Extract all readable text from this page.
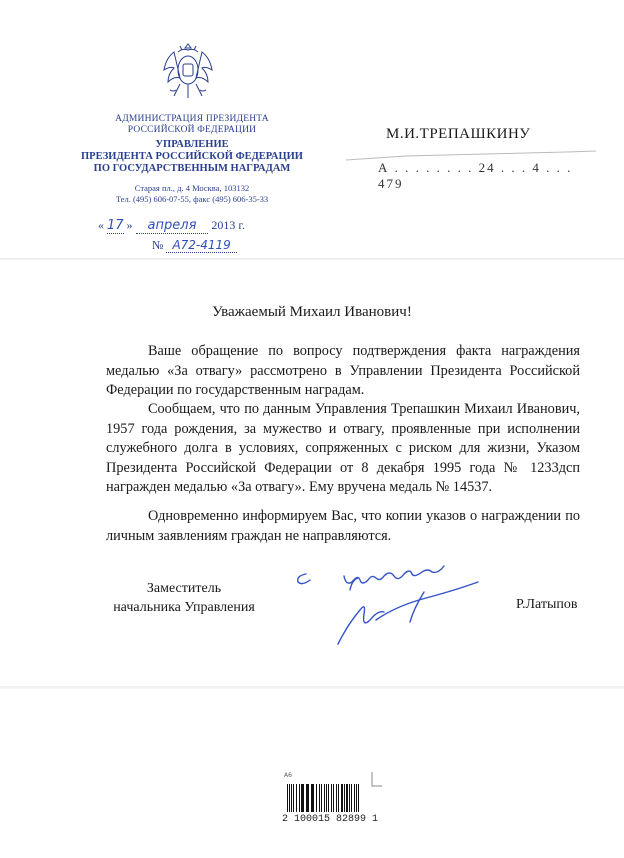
АДМИНИСТРАЦИЯ ПРЕЗИДЕНТА
РОССИЙСКОЙ ФЕДЕРАЦИИ
УПРАВЛЕНИЕ
ПРЕЗИДЕНТА РОССИЙСКОЙ ФЕДЕРАЦИИ
ПО ГОСУДАРСТВЕННЫМ НАГРАДАМ
Старая пл., д. 4 Москва, 103132
Тел. (495) 606-07-55, факс (495) 606-35-33
« 17 » апреля 2013 г.
№ А72-4119
М.И.ТРЕПАШКИНУ
А . . . . . . . . 24 . . . 4 . . . 479
Уважаемый Михаил Иванович!
Ваше обращение по вопросу подтверждения факта награждения медалью «За отвагу» рассмотрено в Управлении Президента Российской Федерации по государственным наградам.
Сообщаем, что по данным Управления Трепашкин Михаил Иванович, 1957 года рождения, за мужество и отвагу, проявленные при исполнении служебного долга в условиях, сопряженных с риском для жизни, Указом Президента Российской Федерации от 8 декабря 1995 года № 1233дсп награжден медалью «За отвагу». Ему вручена медаль № 14537.
Одновременно информируем Вас, что копии указов о награждении по личным заявлениям граждан не направляются.
Заместитель
начальника Управления	Р.Латыпов
А6
2 100015 82899 1
